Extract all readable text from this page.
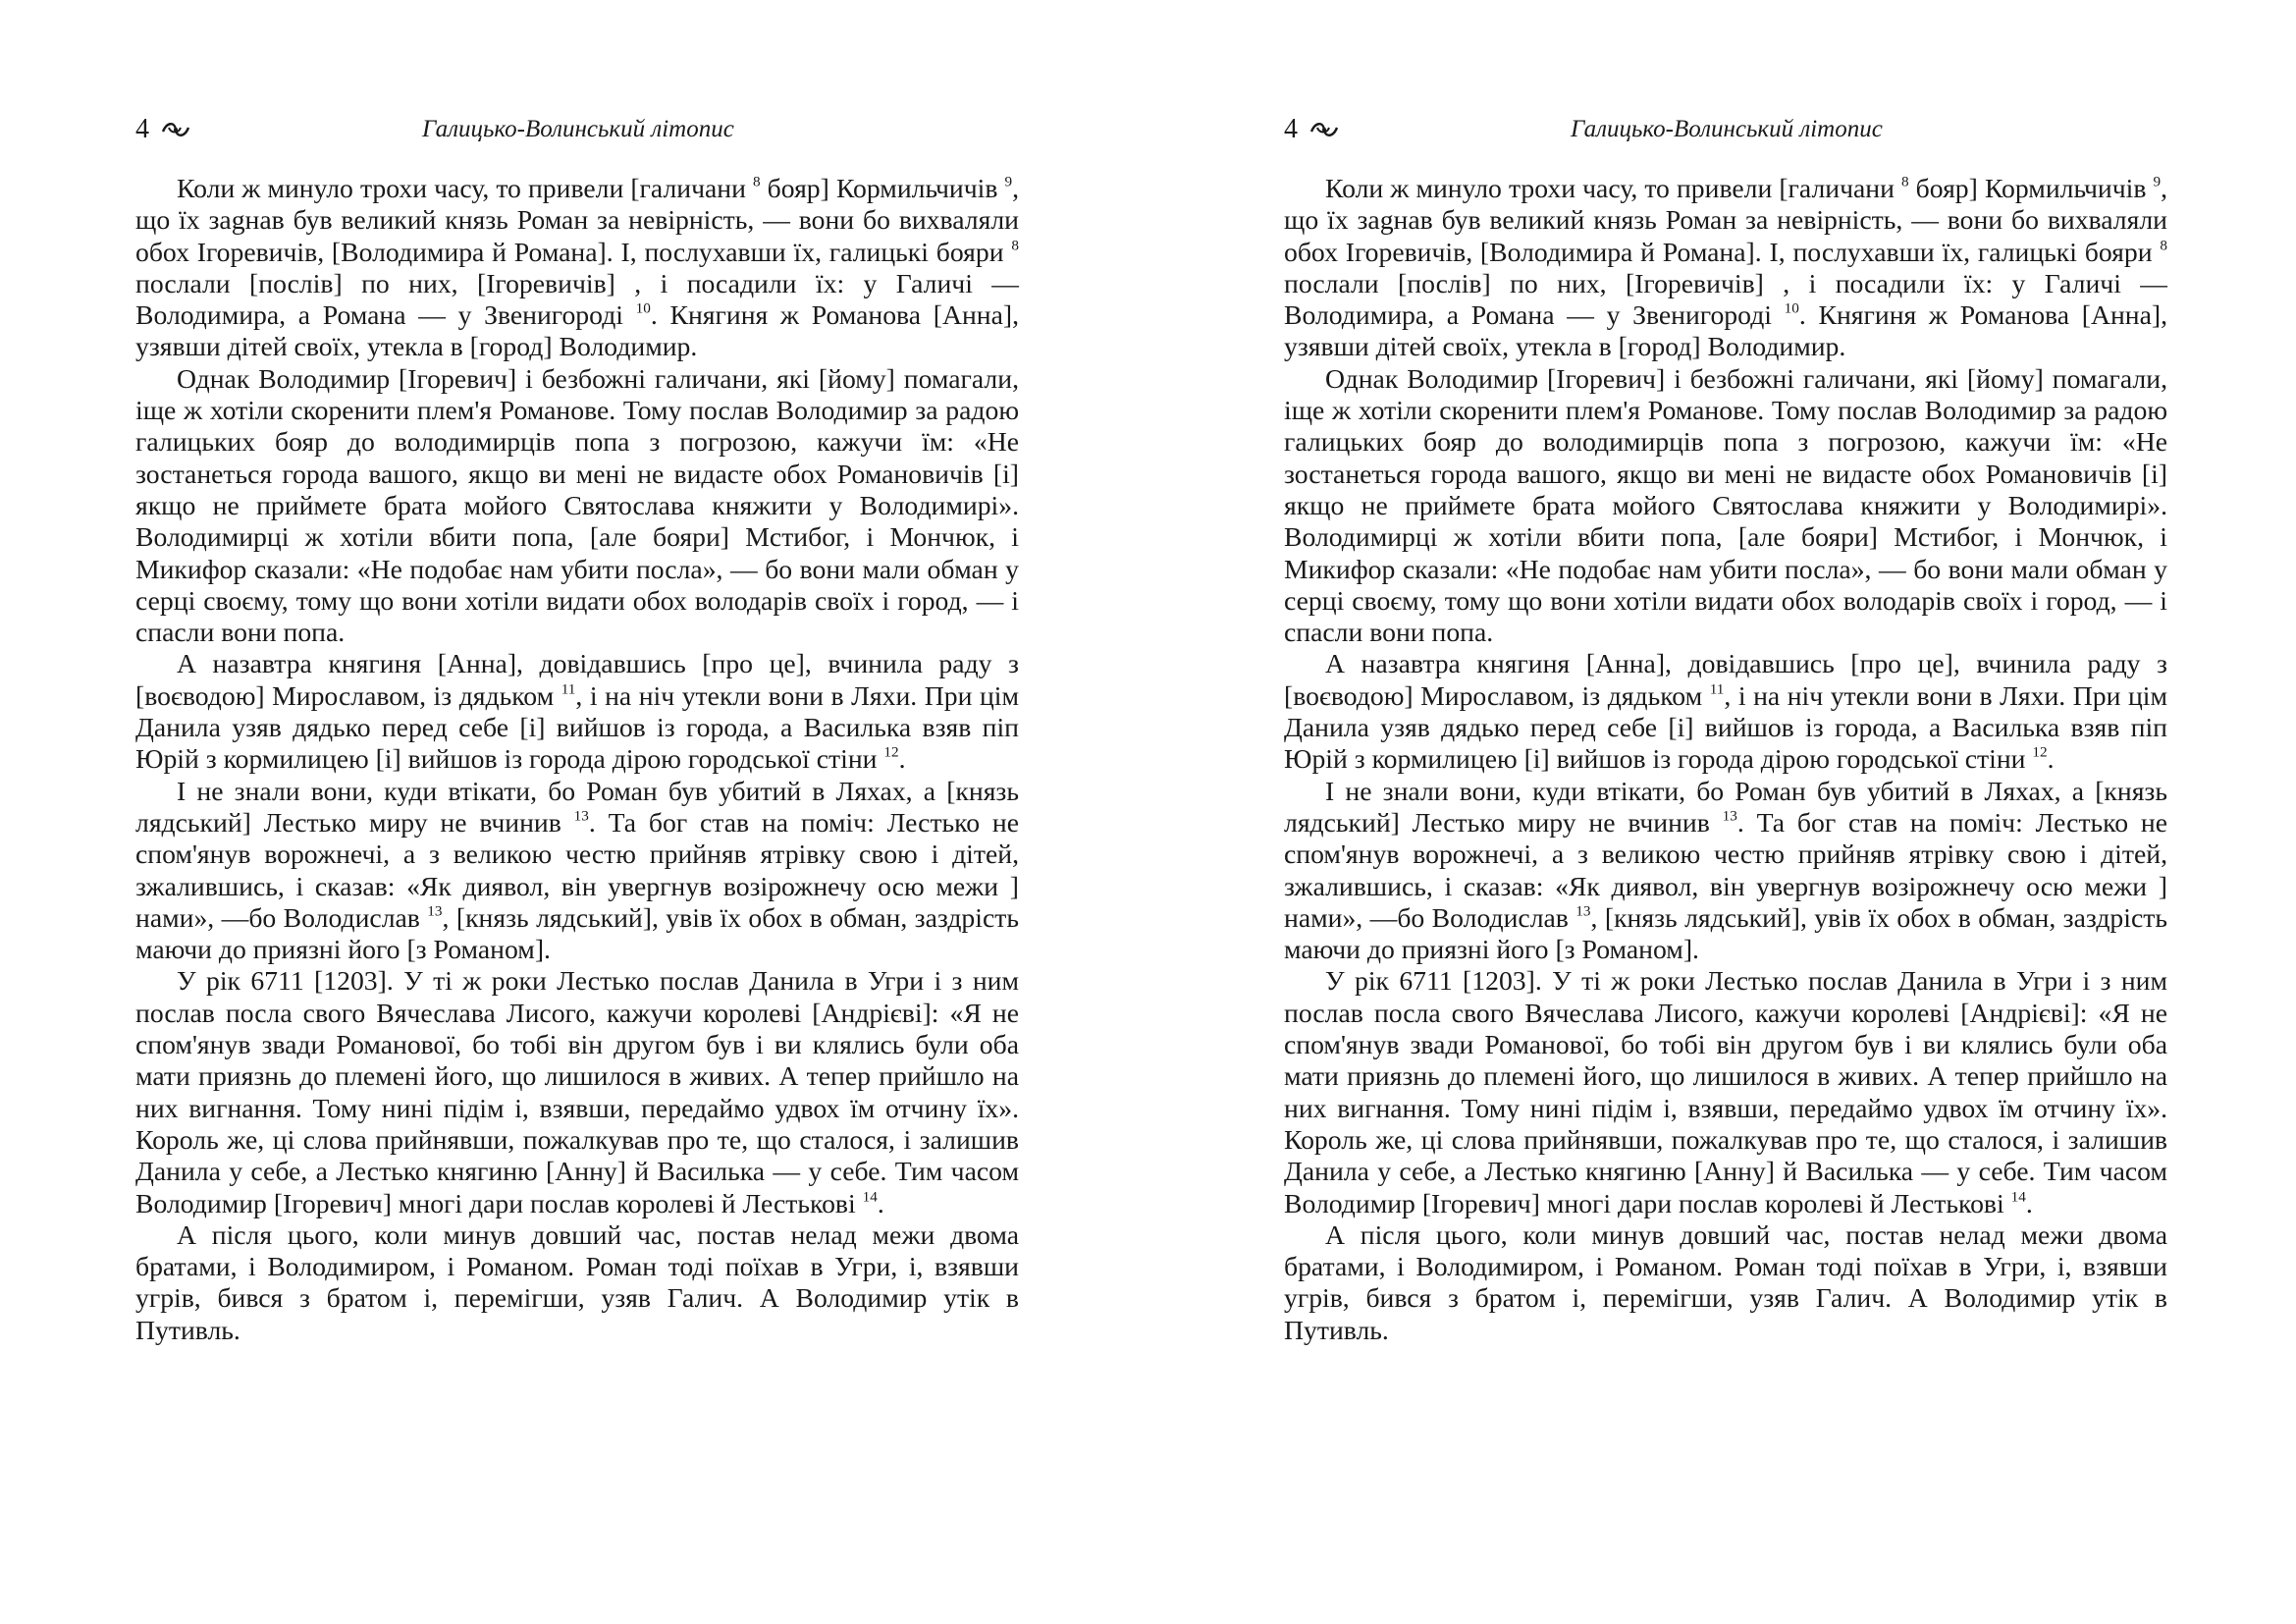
4	Галицько-Волинський літопис

Коли ж минуло трохи часу, то привели [галичани $^8$ бояр] Кормильчичів $^9$, що їх зagнав був великий князь Роман за невірність, — вони бо вихваляли обох Ігоревичів, [Володимира й Романа]. І, послухавши їх, галицькі бояри $^8$ послали [послів] по них, [Ігоревичів] , і посадили їх: у Галичі — Володимира, а Романа — у Звенигороді $^{10}$. Княгиня ж Романова [Анна], узявши дітей своїх, утекла в [город] Володимир.

Однак Володимир [Ігоревич] і безбожні галичани, які [йому] помагали, іще ж хотіли скоренити плем'я Романове. Тому послав Володимир за радою галицьких бояр до володимирців попа з погрозою, кажучи їм: «Не зостанеться города вашого, якщо ви мені не видасте обох Романовичів [і] якщо не приймете брата мойого Святослава княжити у Володимирі». Володимирці ж хотіли вбити попа, [але бояри] Мстибог, і Мончюк, і Микифор сказали: «Не подобає нам убити посла», — бо вони мали обман у серці своєму, тому що вони хотіли видати обох володарів своїх і город, — і спасли вони попа.

А назавтра княгиня [Анна], довідавшись [про це], вчинила раду з [воєводою] Мирославом, із дядьком $^{11}$, і на ніч утекли вони в Ляхи. При цім Данила узяв дядько перед себе [і] вийшов із города, а Василька взяв піп Юрій з кормилицею [і] вийшов із города дірою городської стіни $^{12}$.

І не знали вони, куди втікати, бо Роман був убитий в Ляхах, а [князь лядський] Лестько миру не вчинив $^{13}$. Та бог став на поміч: Лестько не спом'янув ворожнечі, а з великою честю прийняв ятрівку свою і дітей, зжалившись, і сказав: «Як диявол, він увергнув возірожнечу осю межи ] нами», —бо Володислав $^{13}$, [князь лядський], увів їх обох в обман, заздрість маючи до приязні його [з Романом].

У рік 6711 [1203]. У ті ж роки Лестько послав Данила в Угри і з ним послав посла свого Вячеслава Лисого, кажучи королеві [Андрієві]: «Я не спом'янув звади Романової, бо тобі він другом був і ви клялись були оба мати приязнь до племені його, що лишилося в живих. А тепер прийшло на них вигнання. Тому нині підім і, взявши, передаймо удвох їм отчину їх». Король же, ці слова прийнявши, пожалкував про те, що сталося, і залишив Данила у себе, а Лестько княгиню [Анну] й Василька — у себе. Тим часом Володимир [Ігоревич] многі дари послав королеві й Лестькові $^{14}$.

А після цього, коли минув довший час, постав нелад межи двома братами, і Володимиром, і Романом. Роман тоді поїхав в Угри, і, взявши угрів, бився з братом і, перемігши, узяв Галич. А Володимир утік в Путивль.

4	Галицько-Волинський літопис

Коли ж минуло трохи часу, то привели [галичани $^8$ бояр] Кормильчичів $^9$, що їх зagнав був великий князь Роман за невірність, — вони бо вихваляли обох Ігоревичів, [Володимира й Романа]. І, послухавши їх, галицькі бояри $^8$ послали [послів] по них, [Ігоревичів] , і посадили їх: у Галичі — Володимира, а Романа — у Звенигороді $^{10}$. Княгиня ж Романова [Анна], узявши дітей своїх, утекла в [город] Володимир.

Однак Володимир [Ігоревич] і безбожні галичани, які [йому] помагали, іще ж хотіли скоренити плем'я Романове. Тому послав Володимир за радою галицьких бояр до володимирців попа з погрозою, кажучи їм: «Не зостанеться города вашого, якщо ви мені не видасте обох Романовичів [і] якщо не приймете брата мойого Святослава княжити у Володимирі». Володимирці ж хотіли вбити попа, [але бояри] Мстибог, і Мончюк, і Микифор сказали: «Не подобає нам убити посла», — бо вони мали обман у серці своєму, тому що вони хотіли видати обох володарів своїх і город, — і спасли вони попа.

А назавтра княгиня [Анна], довідавшись [про це], вчинила раду з [воєводою] Мирославом, із дядьком $^{11}$, і на ніч утекли вони в Ляхи. При цім Данила узяв дядько перед себе [і] вийшов із города, а Василька взяв піп Юрій з кормилицею [і] вийшов із города дірою городської стіни $^{12}$.

І не знали вони, куди втікати, бо Роман був убитий в Ляхах, а [князь лядський] Лестько миру не вчинив $^{13}$. Та бог став на поміч: Лестько не спом'янув ворожнечі, а з великою честю прийняв ятрівку свою і дітей, зжалившись, і сказав: «Як диявол, він увергнув возірожнечу осю межи ] нами», —бо Володислав $^{13}$, [князь лядський], увів їх обох в обман, заздрість маючи до приязні його [з Романом].

У рік 6711 [1203]. У ті ж роки Лестько послав Данила в Угри і з ним послав посла свого Вячеслава Лисого, кажучи королеві [Андрієві]: «Я не спом'янув звади Романової, бо тобі він другом був і ви клялись були оба мати приязнь до племені його, що лишилося в живих. А тепер прийшло на них вигнання. Тому нині підім і, взявши, передаймо удвох їм отчину їх». Король же, ці слова прийнявши, пожалкував про те, що сталося, і залишив Данила у себе, а Лестько княгиню [Анну] й Василька — у себе. Тим часом Володимир [Ігоревич] многі дари послав королеві й Лестькові $^{14}$.

А після цього, коли минув довший час, постав нелад межи двома братами, і Володимиром, і Романом. Роман тоді поїхав в Угри, і, взявши угрів, бився з братом і, перемігши, узяв Галич. А Володимир утік в Путивль.
